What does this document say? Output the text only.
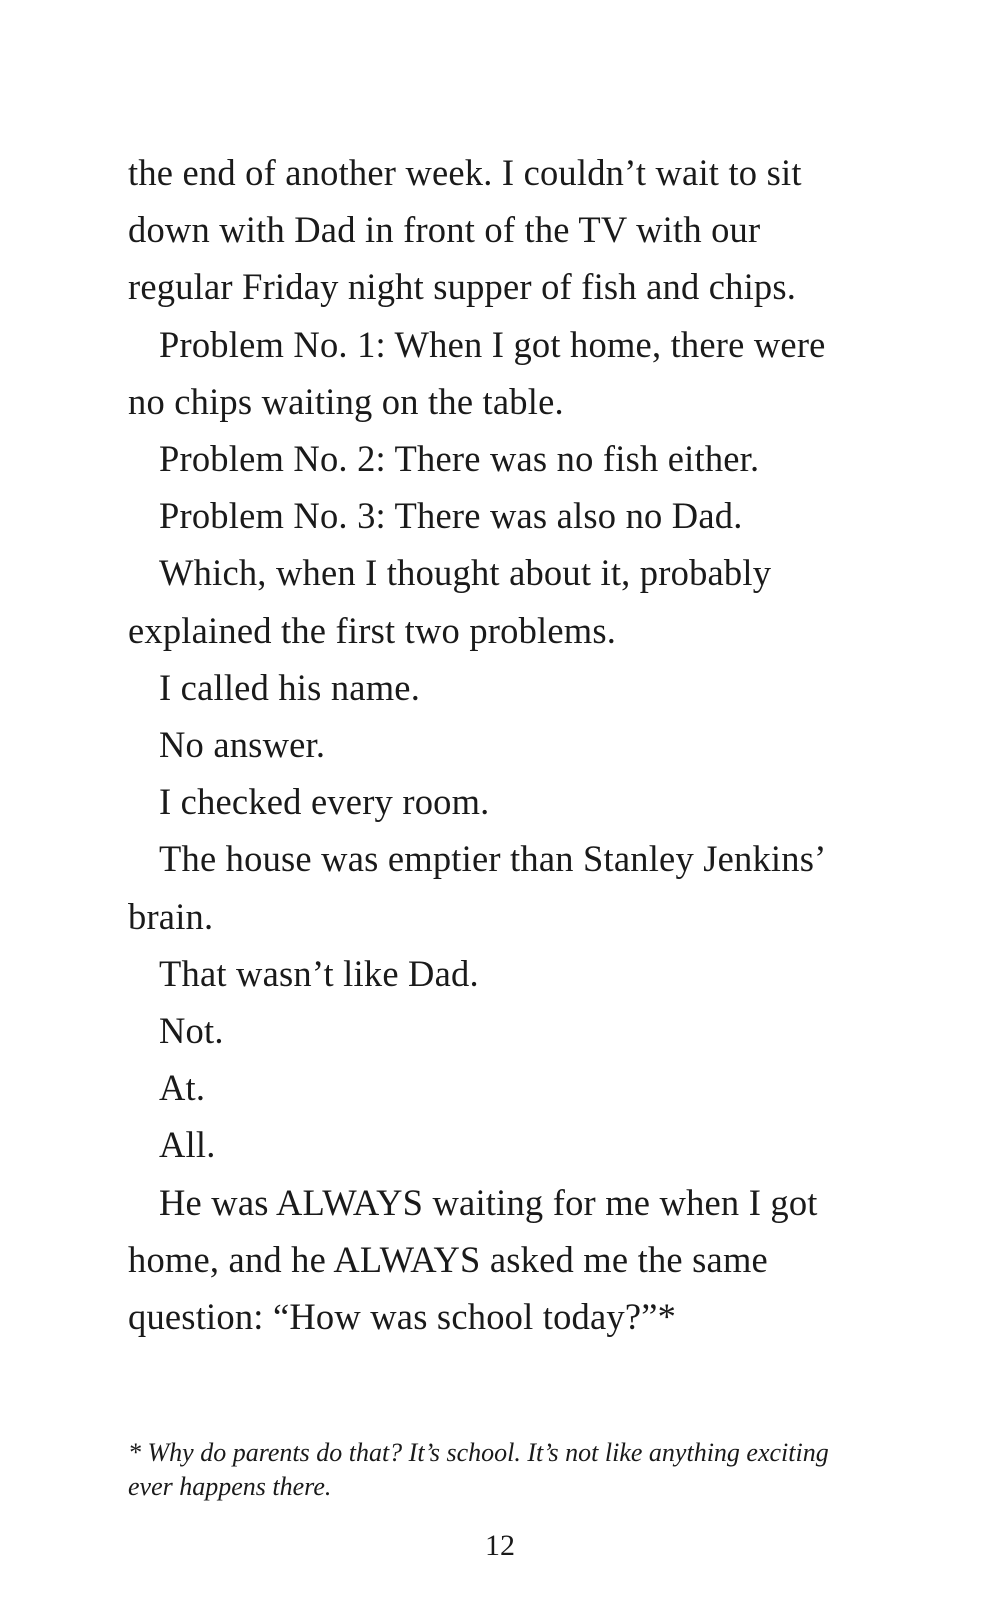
the end of another week. I couldn’t wait to sit

down with Dad in front of the TV with our

regular Friday night supper of fish and chips.

Problem No. 1: When I got home, there were

no chips waiting on the table.

Problem No. 2: There was no fish either.

Problem No. 3: There was also no Dad.

Which, when I thought about it, probably

explained the first two problems.

I called his name.

No answer.

I checked every room.

The house was emptier than Stanley Jenkins’

brain.

That wasn’t like Dad.

Not.

At.

All.

He was ALWAYS waiting for me when I got

home, and he ALWAYS asked me the same

question: “How was school today?”*

* Why do parents do that? It’s school. It’s not like anything exciting

ever happens there.

12
